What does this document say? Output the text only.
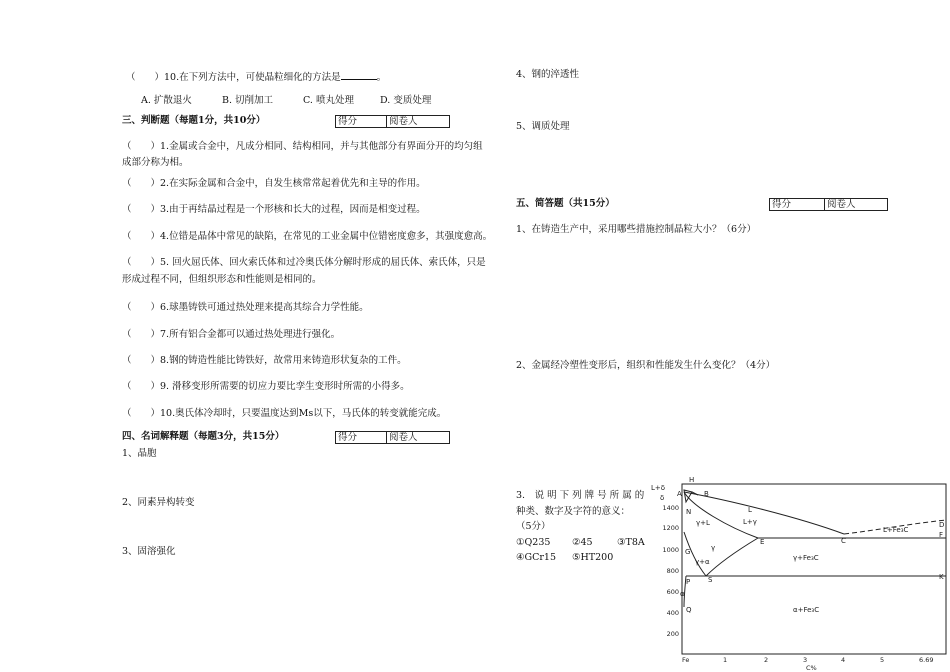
（　　）10.在下列方法中，可使晶粒细化的方法是	。
A. 扩散退火	B. 切削加工	C. 喷丸处理	D. 变质处理
三、判断题（每题1分，共10分）	得分	阅卷人
（　　）1.金属或合金中，凡成分相同、结构相同，并与其他部分有界面分开的均匀组
成部分称为相。
（　　）2.在实际金属和合金中，自发生核常常起着优先和主导的作用。
（　　）3.由于再结晶过程是一个形核和长大的过程，因而是相变过程。
（　　）4.位错是晶体中常见的缺陷，在常见的工业金属中位错密度愈多，其强度愈高。
（　　）5. 回火屈氏体、回火索氏体和过冷奥氏体分解时形成的屈氏体、索氏体，只是
形成过程不同，但组织形态和性能则是相同的。
（　　）6.球墨铸铁可通过热处理来提高其综合力学性能。
（　　）7.所有铝合金都可以通过热处理进行强化。
（　　）8.钢的铸造性能比铸铁好，故常用来铸造形状复杂的工件。
（　　）9. 滑移变形所需要的切应力要比孪生变形时所需的小得多。
（　　）10.奥氏体冷却时，只要温度达到Ms以下，马氏体的转变就能完成。
四、名词解释题（每题3分，共15分）	得分	阅卷人
1、晶胞
2、同素异构转变
3、固溶强化
4、钢的淬透性
5、调质处理
五、简答题（共15分）	得分	阅卷人
1、在铸造生产中，采用哪些措施控制晶粒大小？（6分）
2、金属经冷塑性变形后，组织和性能发生什么变化？（4分）
3.　说 明 下 列 牌 号 所 属 的
种类、数字及字符的意义：
（5分）
①Q235 ②45	③T8A
④GCr15 ⑤HT200
H
A	B
N
E	C
D
F
G
S
P
K
Q
L+δ
δ
L
γ+L	L+γ
L+Fe₃C
γ
γ+α	γ+Fe₃C
α
α+Fe₃C
1400
1200
1000
800
600
400
200
Fe	1	2	3	4	5	6.69
C%
